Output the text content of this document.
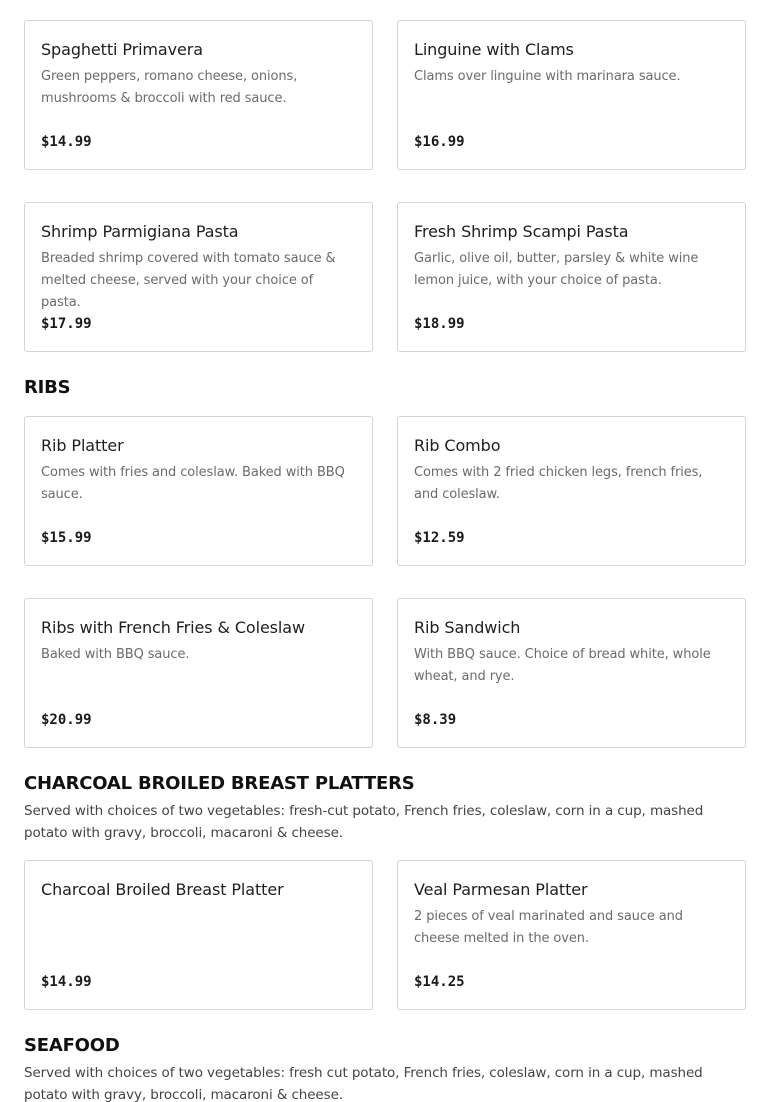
Spaghetti Primavera
Green peppers, romano cheese, onions, mushrooms & broccoli with red sauce.
$14.99
Linguine with Clams
Clams over linguine with marinara sauce.
$16.99
Shrimp Parmigiana Pasta
Breaded shrimp covered with tomato sauce & melted cheese, served with your choice of pasta.
$17.99
Fresh Shrimp Scampi Pasta
Garlic, olive oil, butter, parsley & white wine lemon juice, with your choice of pasta.
$18.99
RIBS
Rib Platter
Comes with fries and coleslaw. Baked with BBQ sauce.
$15.99
Rib Combo
Comes with 2 fried chicken legs, french fries, and coleslaw.
$12.59
Ribs with French Fries & Coleslaw
Baked with BBQ sauce.
$20.99
Rib Sandwich
With BBQ sauce. Choice of bread white, whole wheat, and rye.
$8.39
CHARCOAL BROILED BREAST PLATTERS
Served with choices of two vegetables: fresh-cut potato, French fries, coleslaw, corn in a cup, mashed potato with gravy, broccoli, macaroni & cheese.
Charcoal Broiled Breast Platter
$14.99
Veal Parmesan Platter
2 pieces of veal marinated and sauce and cheese melted in the oven.
$14.25
SEAFOOD
Served with choices of two vegetables: fresh cut potato, French fries, coleslaw, corn in a cup, mashed potato with gravy, broccoli, macaroni & cheese.
